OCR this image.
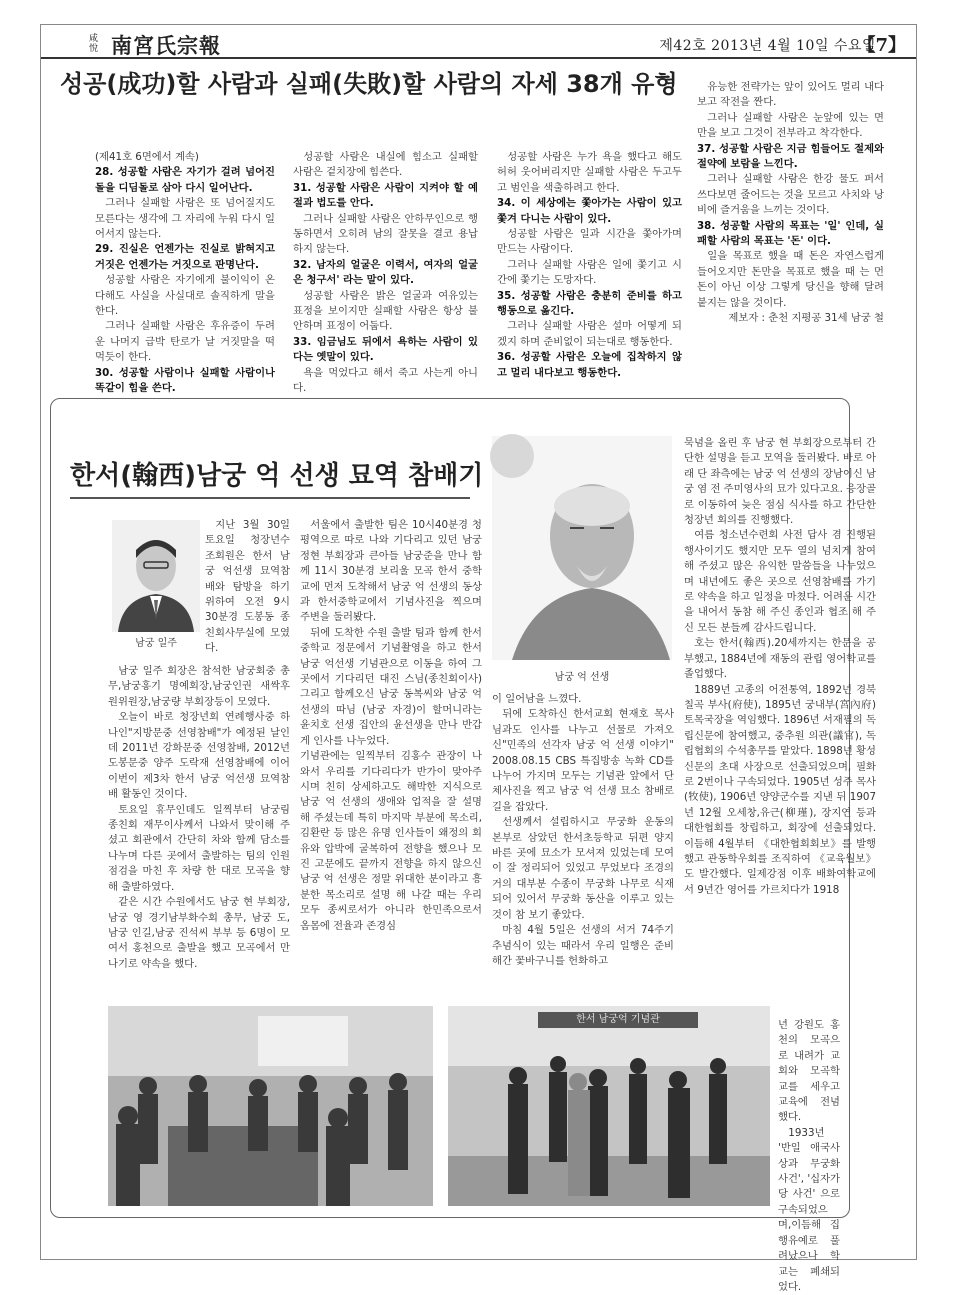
咸悅 南宮氏宗報	제42호 2013년 4월 10일 수요일
【7】
성공(成功)할 사람과 실패(失敗)할 사람의 자세 38개 유형

(제41호 6면에서 계속)

28. 성공할 사람은 자기가 걸려 넘어진 돌을 디딤돌로 삼아 다시 일어난다.

그러나 실패할 사람은 또 넘어질지도 모른다는 생각에 그 자리에 누워 다시 일어서지 않는다.

29. 진실은 언젠가는 진실로 밝혀지고 거짓은 언젠가는 거짓으로 판명난다.

성공할 사람은 자기에게 불이익이 온다해도 사실을 사실대로 솔직하게 말을 한다.

그러나 실패할 사람은 후유증이 두려운 나머지 급박 탄로가 날 거짓말을 떡 먹듯이 한다.

30. 성공할 사람이나 실패할 사람이나 똑같이 힘을 쓴다.

성공할 사람은 내실에 힘소고 실패할 사람은 겉치장에 힘쓴다.

31. 성공할 사람은 사람이 지켜야 할 예절과 법도를 안다.

그러나 실패할 사람은 안하무인으로 행동하면서 오히려 남의 잘못을 결코 용납하지 않는다.

32. 남자의 얼굴은 이력서, 여자의 얼굴은 청구서' 라는 말이 있다.

성공할 사람은 밝은 얼굴과 여유있는 표정을 보이지만 실패할 사람은 항상 불안하며 표정이 어둡다.

33. 임금님도 뒤에서 욕하는 사람이 있다는 옛말이 있다.

욕을 먹었다고 해서 죽고 사는게 아니다.

성공할 사람은 누가 욕을 했다고 해도 허허 웃어버리지만 실패할 사람은 두고두고 범인을 색출하려고 한다.

34. 이 세상에는 쫓아가는 사람이 있고 쫓겨 다니는 사람이 있다.

성공할 사람은 일과 시간을 쫓아가며 만드는 사람이다.

그러나 실패할 사람은 일에 쫓기고 시간에 쫓기는 도망자다.

35. 성공할 사람은 충분히 준비를 하고 행동으로 옮긴다.

그러나 실패할 사람은 설마 어떻게 되겠지 하며 준비없이 되는대로 행동한다.

36. 성공할 사람은 오늘에 집착하지 않고 멀리 내다보고 행동한다.

유능한 전략가는 앞이 있어도 멀리 내다 보고 작전을 짠다.

그러나 실패할 사람은 눈앞에 있는 면 만을 보고 그것이 전부라고 착각한다.

37. 성공할 사람은 지금 힘들어도 절제와 절약에 보람을 느낀다.

그러나 실패할 사람은 한강 물도 퍼서 쓰다보면 줄어드는 것을 모르고 사치와 낭비에 즐거움을 느끼는 것이다.

38. 성공할 사람의 목표는 '일' 인데, 실패할 사람의 목표는 '돈' 이다.

일을 목표로 했을 때 돈은 자연스럽게 들어오지만 돈만을 목표로 했을 때 는 먼 돈이 아닌 이상 그렇게 당신을 향해 달려 붙지는 않을 것이다.

제보자 : 춘천 지평공 31세 남궁 철

한서(翰西)남궁 억 선생 묘역 참배기
남궁 일주

지난 3월 30일 토요일 청장년수 조회원은 한서 남궁 억선생 묘역참배와 탐방을 하기 위하여 오전 9시30분경 도봉동 종친회사무실에 모였다.

남궁 일주 회장은 참석한 남궁회중 총무,남궁홍기 명예회장,남궁인권 새싹후원위원장,남궁량 부회장등이 모였다.

오늘이 바로 청장년회 연례행사중 하나인"지방문중 선영참배"가 예정된 날인데 2011년 강화문중 선영참배, 2012년 도봉문중 양주 도락재 선영참배에 이어 이번이 제3차 한서 남궁 억선생 묘역참배 활동인 것이다.

토요일 휴무인데도 일찍부터 남궁림 종친회 재무이사께서 나와서 맞이해 주셨고 회관에서 간단히 차와 함께 담소를 나누며 다른 곳에서 출발하는 팀의 인원 점검을 마친 후 차량 한 대로 모곡을 향해 출발하였다.

같은 시간 수원에서도 남궁 현 부회장,남궁 영 경기남부화수회 총무, 남궁 도,남궁 인길,남궁 진석씨 부부 등 6명이 모여서 홍천으로 출발을 했고 모곡에서 만나기로 약속을 했다.

서울에서 출발한 팀은 10시40분경 청평역으로 따로 나와 기다리고 있던 남궁 정현 부회장과 큰아들 남궁준을 만나 함께 11시 30분경 보리울 모곡 한서 중학교에 먼저 도착해서 남궁 억 선생의 동상과 한서중학교에서 기념사진을 찍으며 주변을 둘러봤다.

뒤에 도착한 수원 출발 팀과 함께 한서중학교 정문에서 기념촬영을 하고 한서 남궁 억선생 기념관으로 이동을 하여 그곳에서 기다리던 대진 스님(종친회이사)그리고 함께오신 남궁 동복씨와 남궁 억 선생의 따님 (남궁 자경)이 할머니라는 윤치호 선생 집안의 윤선생을 만나 반갑게 인사를 나누었다.

기념관에는 일찍부터 김홍수 관장이 나와서 우리를 기다리다가 반가이 맞아주시며 친히 상세하고도 해박한 지식으로 남궁 억 선생의 생애와 업적을 잘 설명 해 주셨는데 특히 마지막 부분에 목소리,김환란 등 많은 유명 인사들이 왜정의 회유와 압박에 굴복하여 전향을 했으나 모진 고문에도 끝까지 전향을 하지 않으신 남궁 억 선생은 정말 위대한 분이라고 흥분한 목소리로 설명 해 나갈 때는 우리 모두 종씨로서가 아니라 한민족으로서 옴몸에 전율과 존경심

남궁 억 선생

이 일어남을 느꼈다.

뒤에 도착하신 한서교회 현재호 목사님과도 인사를 나누고 선물로 가져오신"민족의 선각자 남궁 억 선생 이야기" 2008.08.15 CBS 특집방송 녹화 CD를 나누어 가지며 모두는 기념관 앞에서 단체사진을 찍고 남궁 억 선생 묘소 참배로 길을 잡았다.

선생께서 설립하시고 무궁화 운동의 본부로 삼았던 한서초등학교 뒤편 양지바른 곳에 묘소가 모셔져 있었는데 모여이 잘 정리되어 있었고 무었보다 조경의 거의 대부분 수종이 무궁화 나무로 식재되어 있어서 무궁화 동산을 이루고 있는 것이 참 보기 좋았다.

마침 4월 5일은 선생의 서거 74주기 추념식이 있는 때라서 우리 일행은 준비해간 꽃바구니를 헌화하고

묵념을 올린 후 남궁 현 부회장으로부터 간단한 설명을 듣고 모역을 둘러봤다. 바로 아래 단 좌측에는 남궁 억 선생의 장남이신 남궁 염 전 주미영사의 묘가 있다고요. 응장골로 이동하여 늦은 점심 식사를 하고 간단한 청장년 회의를 진행했다.

여름 청소년수련회 사전 답사 겸 진행된 행사이기도 했지만 모두 열의 넘치게 참여해 주셨고 많은 유익한 말씀들을 나누었으며 내년에도 좋은 곳으로 선영참배를 가기로 약속을 하고 일정을 마쳤다. 어려운 시간을 내어서 동참 해 주신 종인과 협조 해 주신 모든 분들께 감사드립니다.

호는 한서(翰西).20세까지는 한문을 공부했고, 1884년에 재동의 관립 영어학교를 졸업했다.

1889년 고종의 어전통역, 1892년 경북 칠곡 부사(府使), 1895년 궁내부(宮內府)토목국장을 역임했다. 1896년 서재필의 독립신문에 참여했고, 중추원 의관(議官), 독립협회의 수석총무를 맡았다. 1898년 황성신문의 초대 사장으로 선출되었으며, 필화로 2번이나 구속되었다. 1905년 성주 목사(牧使), 1906년 양양군수를 지낸 뒤 1907년 12월 오세창,유근(柳瑾), 장지연 등과 대한협회를 창립하고, 회장에 선출되었다. 이듬해 4월부터 《대한협회회보》를 발행했고 관동학우회를 조직하여 《교육월보》도 발간했다. 일제강점 이후 배화여학교에서 9년간 영어를 가르치다가 1918

년 강원도 홍천의 모곡으로 내려가 교회와 모곡학교를 세우고 교육에 전념했다.

1933년 '반일 애국사상과 무궁화사건', '십자가당 사건' 으로 구속되었으며,이듬해 집행유예로 풀려났으나 학교는 폐쇄되었다.

한서 남궁억 기념관
